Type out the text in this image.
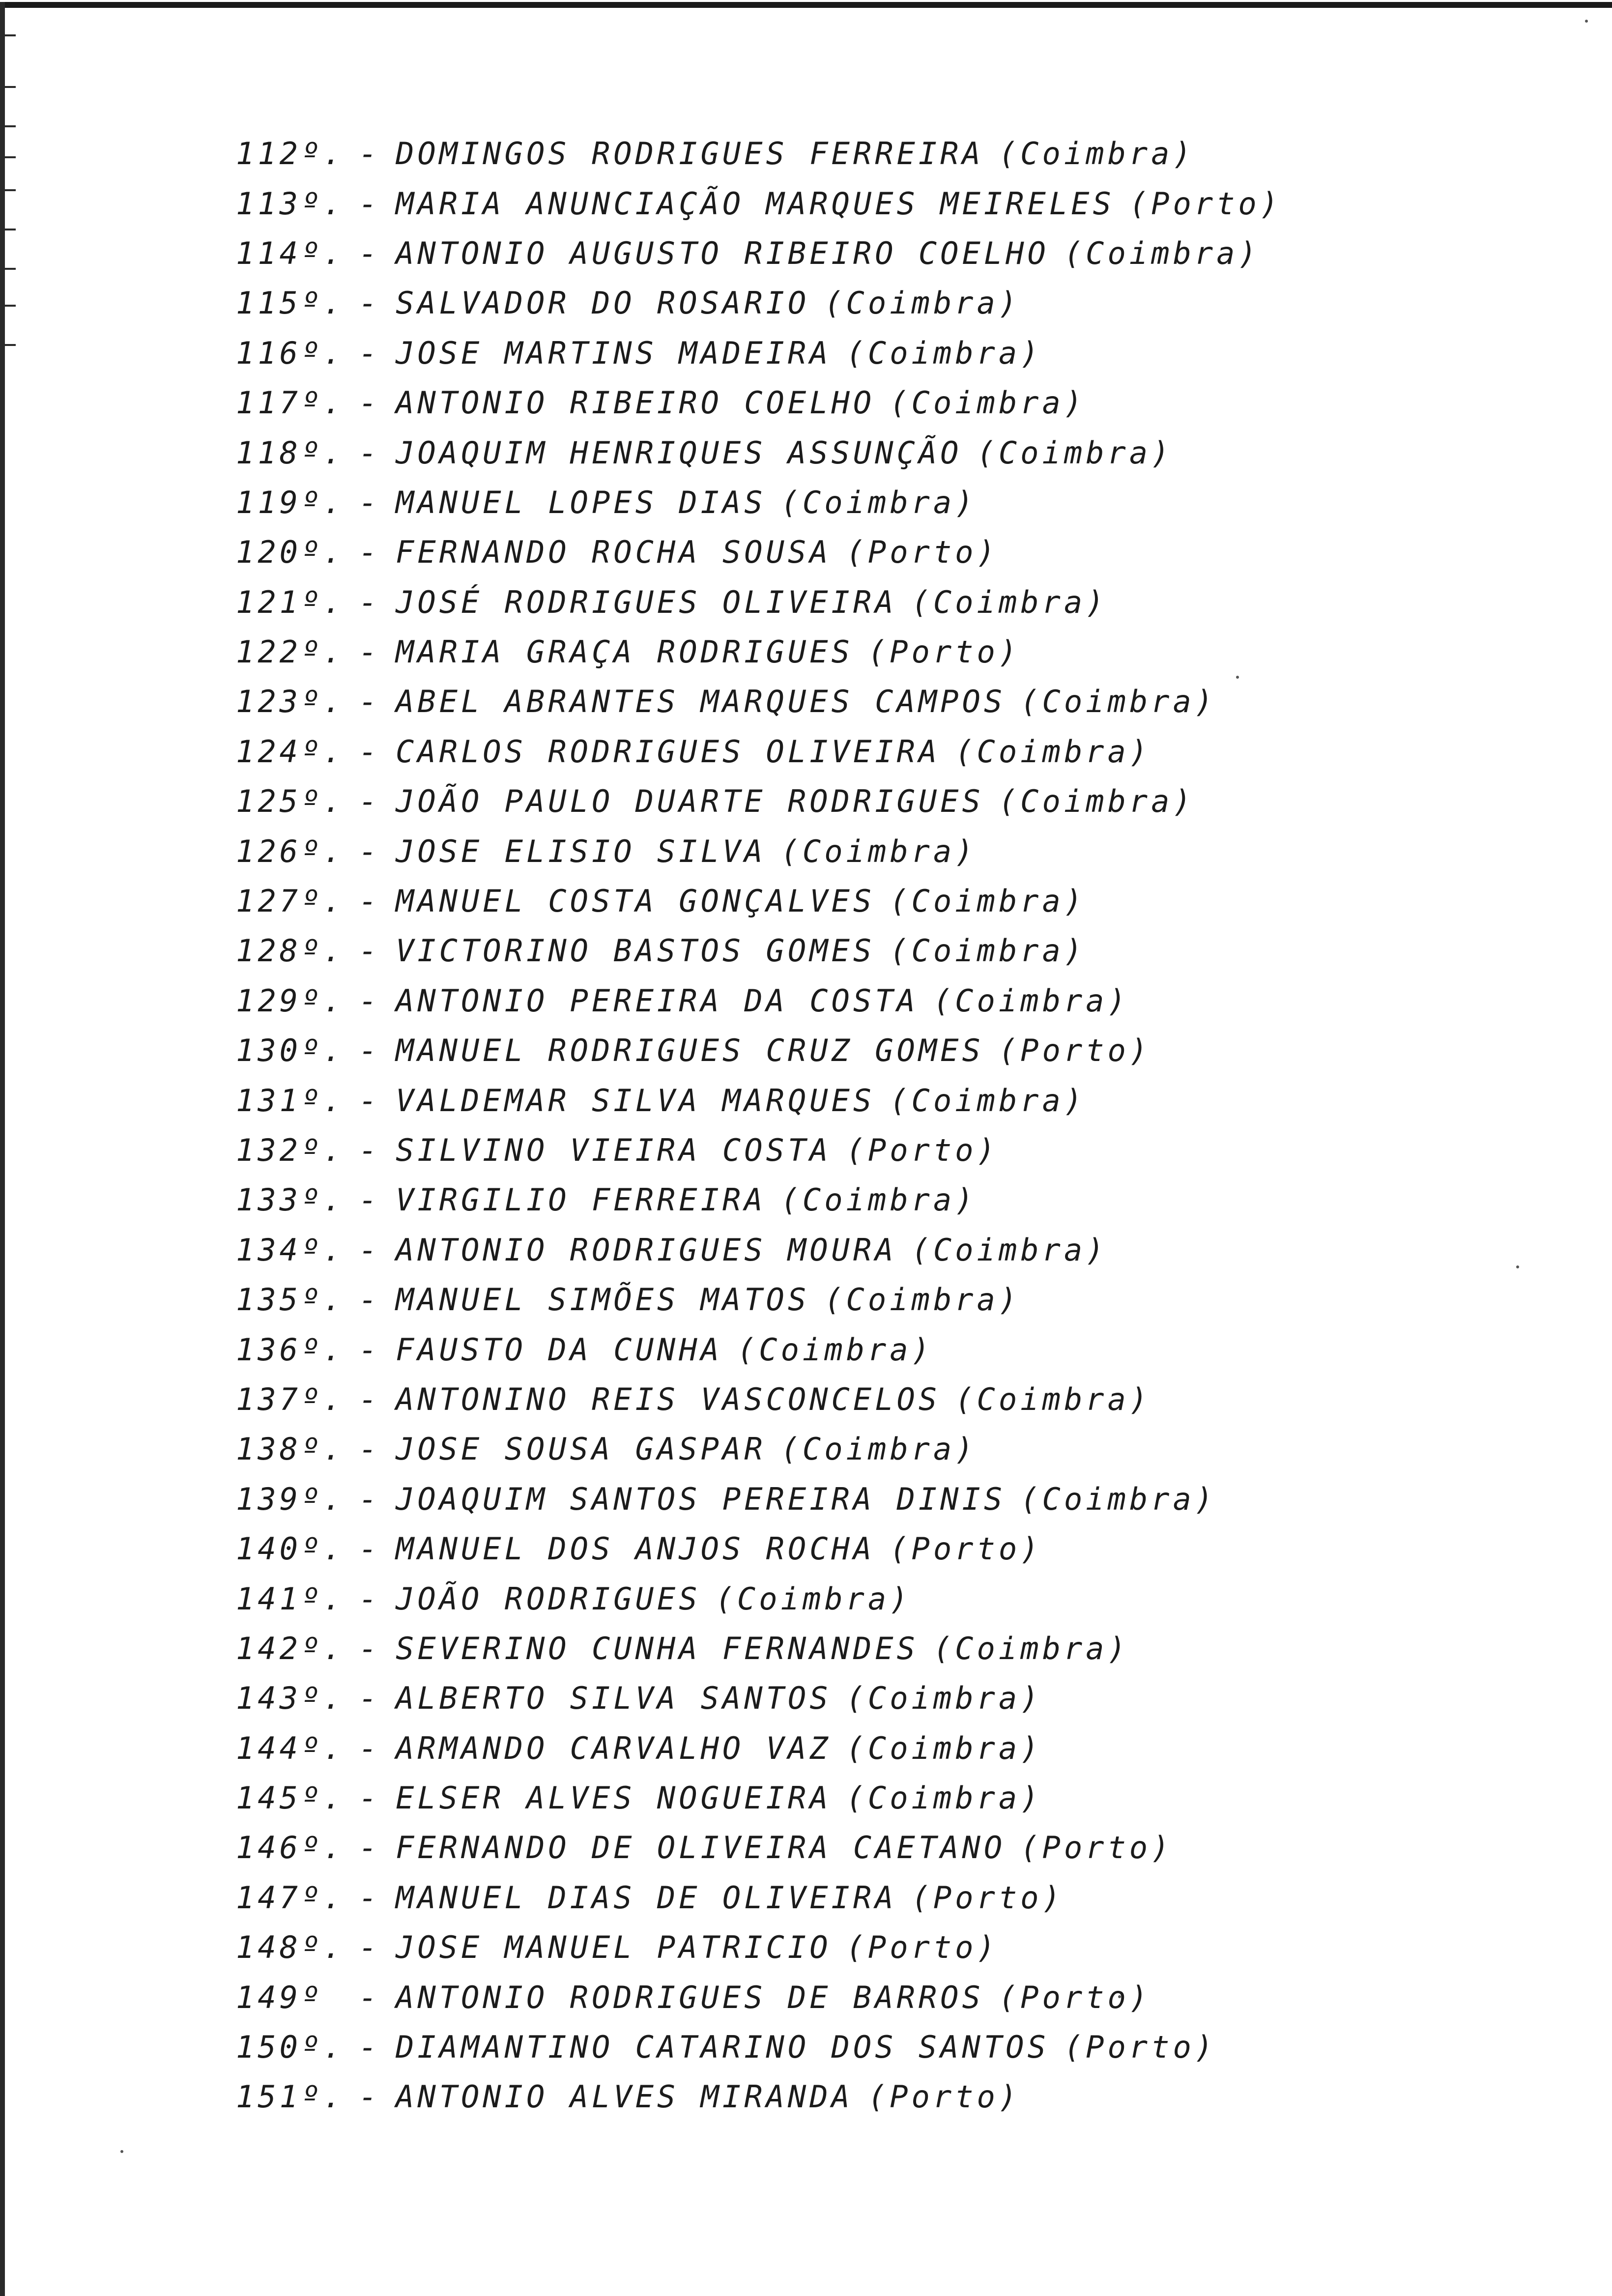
112º. - DOMINGOS RODRIGUES FERREIRA (Coimbra)
113º. - MARIA ANUNCIAÇÃO MARQUES MEIRELES (Porto)
114º. - ANTONIO AUGUSTO RIBEIRO COELHO (Coimbra)
115º. - SALVADOR DO ROSARIO (Coimbra)
116º. - JOSE MARTINS MADEIRA (Coimbra)
117º. - ANTONIO RIBEIRO COELHO (Coimbra)
118º. - JOAQUIM HENRIQUES ASSUNÇÃO (Coimbra)
119º. - MANUEL LOPES DIAS (Coimbra)
120º. - FERNANDO ROCHA SOUSA (Porto)
121º. - JOSÉ RODRIGUES OLIVEIRA (Coimbra)
122º. - MARIA GRAÇA RODRIGUES (Porto)
123º. - ABEL ABRANTES MARQUES CAMPOS (Coimbra)
124º. - CARLOS RODRIGUES OLIVEIRA (Coimbra)
125º. - JOÃO PAULO DUARTE RODRIGUES (Coimbra)
126º. - JOSE ELISIO SILVA (Coimbra)
127º. - MANUEL COSTA GONÇALVES (Coimbra)
128º. - VICTORINO BASTOS GOMES (Coimbra)
129º. - ANTONIO PEREIRA DA COSTA (Coimbra)
130º. - MANUEL RODRIGUES CRUZ GOMES (Porto)
131º. - VALDEMAR SILVA MARQUES (Coimbra)
132º. - SILVINO VIEIRA COSTA (Porto)
133º. - VIRGILIO FERREIRA (Coimbra)
134º. - ANTONIO RODRIGUES MOURA (Coimbra)
135º. - MANUEL SIMÕES MATOS (Coimbra)
136º. - FAUSTO DA CUNHA (Coimbra)
137º. - ANTONINO REIS VASCONCELOS (Coimbra)
138º. - JOSE SOUSA GASPAR (Coimbra)
139º. - JOAQUIM SANTOS PEREIRA DINIS (Coimbra)
140º. - MANUEL DOS ANJOS ROCHA (Porto)
141º. - JOÃO RODRIGUES (Coimbra)
142º. - SEVERINO CUNHA FERNANDES (Coimbra)
143º. - ALBERTO SILVA SANTOS (Coimbra)
144º. - ARMANDO CARVALHO VAZ (Coimbra)
145º. - ELSER ALVES NOGUEIRA (Coimbra)
146º. - FERNANDO DE OLIVEIRA CAETANO (Porto)
147º. - MANUEL DIAS DE OLIVEIRA (Porto)
148º. - JOSE MANUEL PATRICIO (Porto)
149º	- ANTONIO RODRIGUES DE BARROS (Porto)
150º. - DIAMANTINO CATARINO DOS SANTOS (Porto)
151º. - ANTONIO ALVES MIRANDA (Porto)
